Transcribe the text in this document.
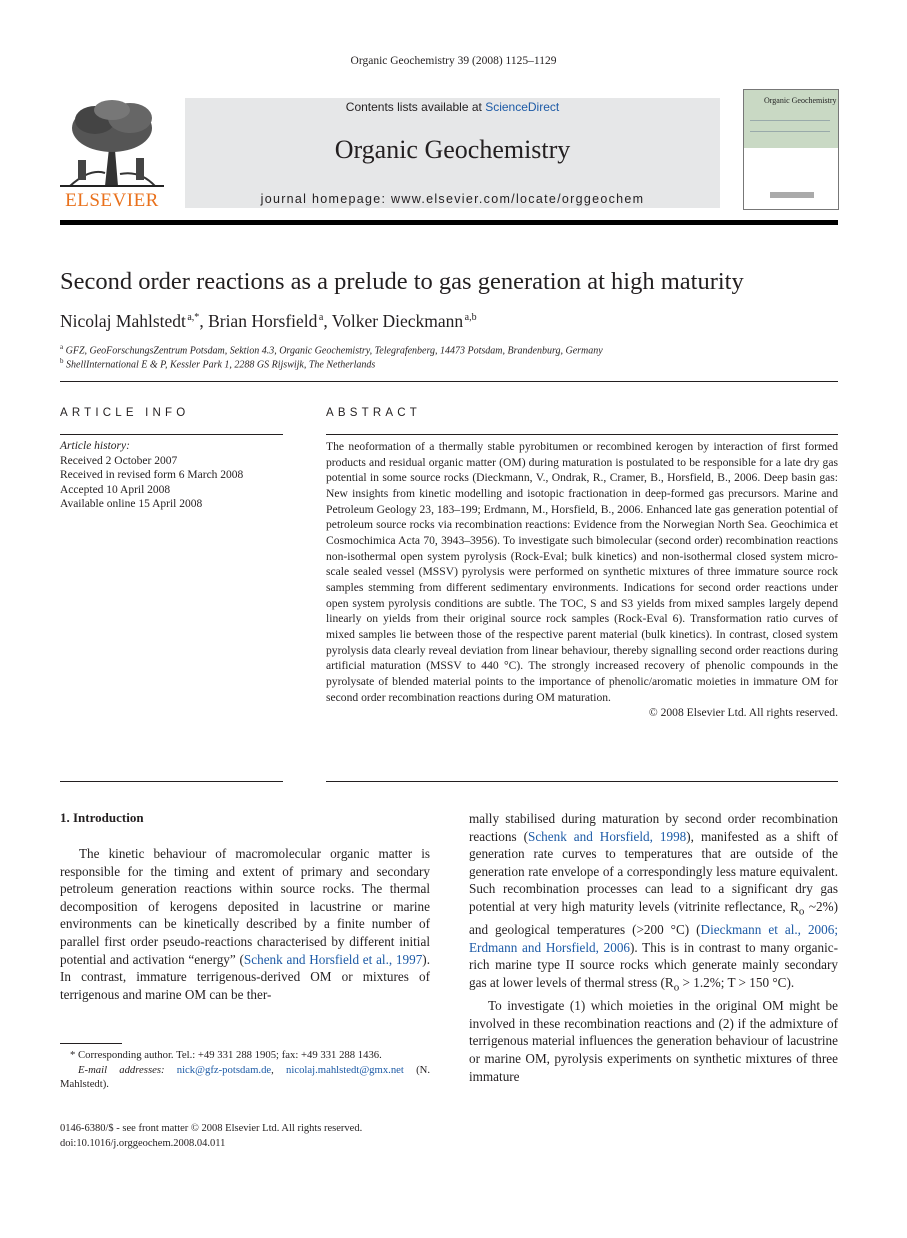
Organic Geochemistry 39 (2008) 1125–1129
ELSEVIER
Contents lists available at ScienceDirect
Organic Geochemistry
journal homepage: www.elsevier.com/locate/orggeochem
Organic Geochemistry
Second order reactions as a prelude to gas generation at high maturity
Nicolaj Mahlstedt $^{a,*}$, Brian Horsfield $^a$, Volker Dieckmann $^{a,b}$
$^a$ GFZ, GeoForschungsZentrum Potsdam, Sektion 4.3, Organic Geochemistry, Telegrafenberg, 14473 Potsdam, Brandenburg, Germany
$^b$ ShellInternational E & P, Kessler Park 1, 2288 GS Rijswijk, The Netherlands
ARTICLE INFO	ABSTRACT
Article history:
Received 2 October 2007
Received in revised form 6 March 2008
Accepted 10 April 2008
Available online 15 April 2008

The neoformation of a thermally stable pyrobitumen or recombined kerogen by interaction of first formed products and residual organic matter (OM) during maturation is postulated to be responsible for a late dry gas potential in some source rocks (Dieckmann, V., Ondrak, R., Cramer, B., Horsfield, B., 2006. Deep basin gas: New insights from kinetic modelling and isotopic fractionation in deep-formed gas precursors. Marine and Petroleum Geology 23, 183–199; Erdmann, M., Horsfield, B., 2006. Enhanced late gas generation potential of petroleum source rocks via recombination reactions: Evidence from the Norwegian North Sea. Geochimica et Cosmochimica Acta 70, 3943–3956). To investigate such bimolecular (second order) recombination reactions non-isothermal open system pyrolysis (Rock-Eval; bulk kinetics) and non-isothermal closed system micro-scale sealed vessel (MSSV) pyrolysis were performed on synthetic mixtures of three immature source rock samples stemming from different sedimentary environments. Indications for second order reactions under open system pyrolysis conditions are subtle. The TOC, S and S3 yields from mixed samples largely depend linearly on yields from their original source rock samples (Rock-Eval 6). Transformation ratio curves of mixed samples lie between those of the respective parent material (bulk kinetics). In contrast, closed system pyrolysis data clearly reveal deviation from linear behaviour, thereby signalling second order reactions during artificial maturation (MSSV to 440 °C). The strongly increased recovery of phenolic compounds in the pyrolysate of blended material points to the importance of phenolic/aromatic moieties in immature OM for second order recombination reactions during OM maturation.

© 2008 Elsevier Ltd. All rights reserved.

1. Introduction

The kinetic behaviour of macromolecular organic matter is responsible for the timing and extent of primary and secondary petroleum generation reactions within source rocks. The thermal decomposition of kerogens deposited in lacustrine or marine environments can be kinetically described by a finite number of parallel first order pseudo-reactions characterised by different initial potential and activation “energy” (Schenk and Horsfield et al., 1997). In contrast, immature terrigenous-derived OM or mixtures of terrigenous and marine OM can be ther-

* Corresponding author. Tel.: +49 331 288 1905; fax: +49 331 288 1436.
E-mail addresses: nick@gfz-potsdam.de, nicolaj.mahlstedt@gmx.net (N. Mahlstedt).
0146-6380/$ - see front matter © 2008 Elsevier Ltd. All rights reserved.
doi:10.1016/j.orggeochem.2008.04.011

mally stabilised during maturation by second order recombination reactions (Schenk and Horsfield, 1998), manifested as a shift of generation rate curves to temperatures that are outside of the generation rate envelope of a correspondingly less mature equivalent. Such recombination processes can lead to a significant dry gas potential at very high maturity levels (vitrinite reflectance, $R_o$ ~2%) and geological temperatures (>200 °C) (Dieckmann et al., 2006; Erdmann and Horsfield, 2006). This is in contrast to many organic-rich marine type II source rocks which generate mainly secondary gas at lower levels of thermal stress ($R_o > 1.2\%$; T > 150 °C).

To investigate (1) which moieties in the original OM might be involved in these recombination reactions and (2) if the admixture of terrigenous material influences the generation behaviour of lacustrine or marine OM, pyrolysis experiments on synthetic mixtures of three immature
